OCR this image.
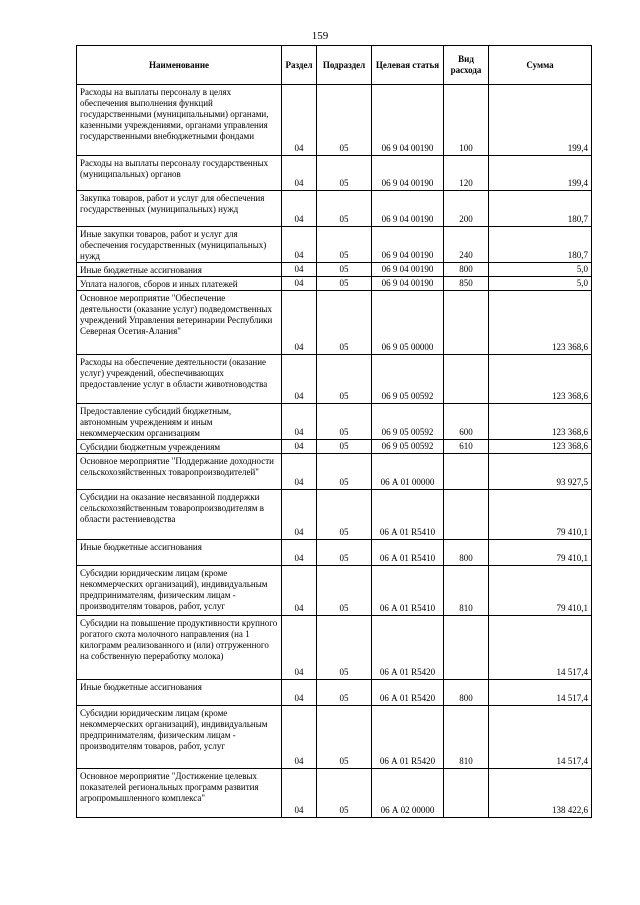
159
Наименование	Раздел	Подраздел	Целевая статья	Вид расхода	Сумма
Расходы на выплаты персоналу в целях обеспечения выполнения функций государственными (муниципальными) органами, казенными учреждениями, органами управления государственными внебюджетными фондами	04	05	06 9 04 00190	100	199,4
Расходы на выплаты персоналу государственных (муниципальных) органов	04	05	06 9 04 00190	120	199,4
Закупка товаров, работ и услуг для обеспечения государственных (муниципальных) нужд	04	05	06 9 04 00190	200	180,7
Иные закупки товаров, работ и услуг для обеспечения государственных (муниципальных) нужд	04	05	06 9 04 00190	240	180,7
Иные бюджетные ассигнования	04	05	06 9 04 00190	800	5,0
Уплата налогов, сборов и иных платежей	04	05	06 9 04 00190	850	5,0
Основное мероприятие "Обеспечение деятельности (оказание услуг) подведомственных учреждений Управления ветеринарии Республики Северная Осетия-Алания"	04	05	06 9 05 00000		123 368,6
Расходы на обеспечение деятельности (оказание услуг) учреждений, обеспечивающих предоставление услуг в области животноводства	04	05	06 9 05 00592		123 368,6
Предоставление субсидий бюджетным, автономным учреждениям и иным некоммерческим организациям	04	05	06 9 05 00592	600	123 368,6
Субсидии бюджетным учреждениям	04	05	06 9 05 00592	610	123 368,6
Основное мероприятие "Поддержание доходности сельскохозяйственных товаропроизводителей"	04	05	06 А 01 00000		93 927,5
Субсидии на оказание несвязанной поддержки сельскохозяйственным товаропроизводителям в области растениеводства	04	05	06 А 01 R5410		79 410,1
Иные бюджетные ассигнования	04	05	06 А 01 R5410	800	79 410,1
Субсидии юридическим лицам (кроме некоммерческих организаций), индивидуальным предпринимателям, физическим лицам - производителям товаров, работ, услуг	04	05	06 А 01 R5410	810	79 410,1
Субсидии на повышение продуктивности крупного рогатого скота молочного направления (на 1 килограмм реализованного и (или) отгруженного на собственную переработку молока)	04	05	06 А 01 R5420		14 517,4
Иные бюджетные ассигнования	04	05	06 А 01 R5420	800	14 517,4
Субсидии юридическим лицам (кроме некоммерческих организаций), индивидуальным предпринимателям, физическим лицам - производителям товаров, работ, услуг	04	05	06 А 01 R5420	810	14 517,4
Основное мероприятие "Достижение целевых показателей региональных программ развития агропромышленного комплекса"	04	05	06 А 02 00000		138 422,6
